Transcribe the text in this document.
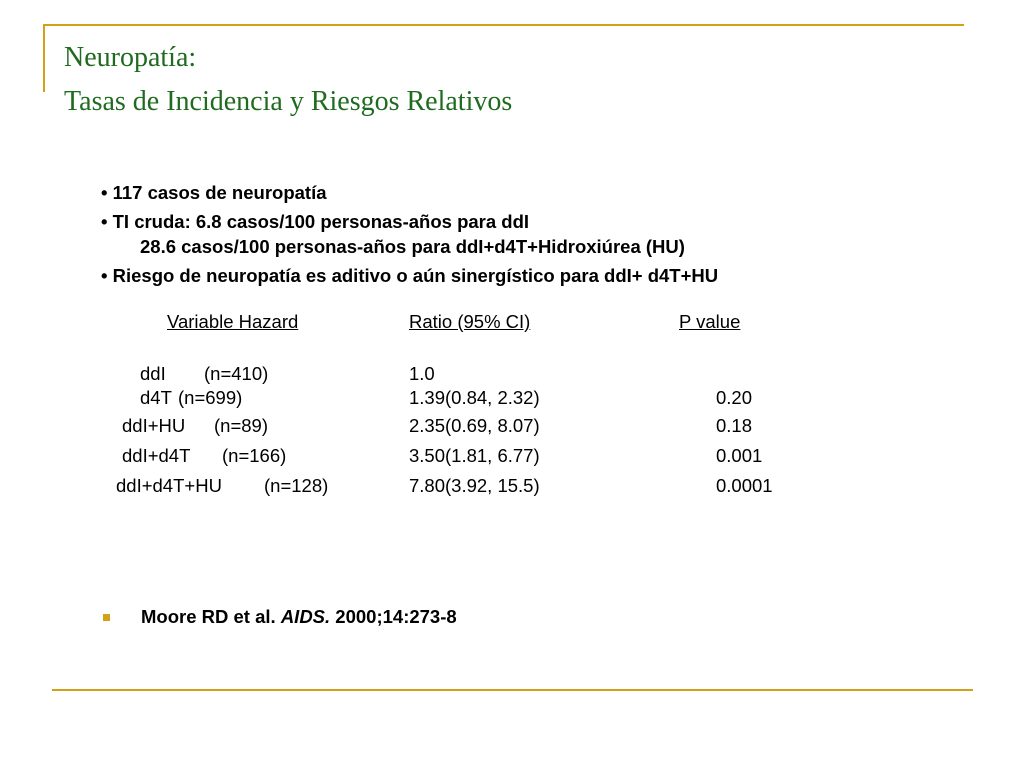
Neuropatía:
Tasas de Incidencia y Riesgos Relativos
• 117 casos de neuropatía
• TI cruda: 6.8 casos/100 personas-años para ddI
28.6 casos/100 personas-años para ddI+d4T+Hidroxiúrea (HU)
• Riesgo de neuropatía es aditivo o aún sinergístico para ddI+ d4T+HU
Variable Hazard	Ratio (95% CI)	P value
ddI (n=410)	1.0
d4T (n=699)	1.39(0.84, 2.32)	0.20
ddI+HU (n=89)	2.35(0.69, 8.07)	0.18
ddI+d4T (n=166)	3.50(1.81, 6.77)	0.001
ddI+d4T+HU (n=128)	7.80(3.92, 15.5)	0.0001
Moore RD et al. AIDS. 2000;14:273-8
